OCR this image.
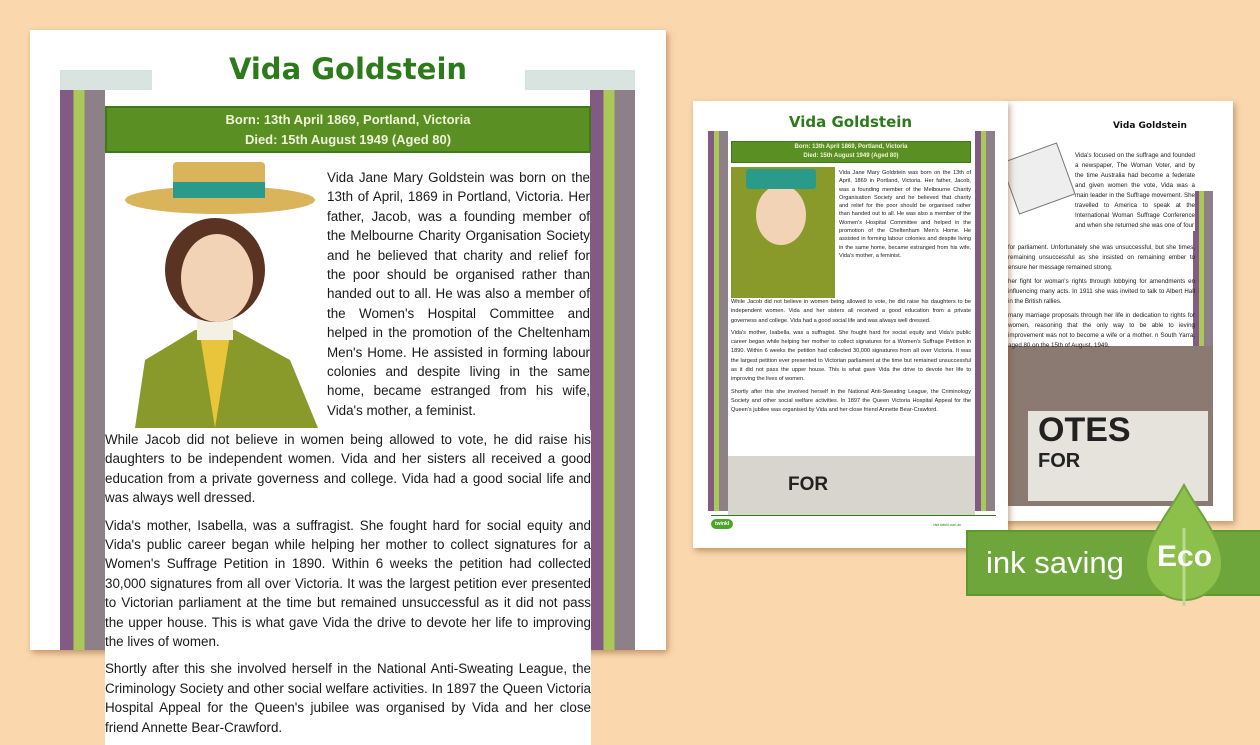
Vida Goldstein
Born: 13th April 1869, Portland, Victoria
Died: 15th August 1949 (Aged 80)
Vida Jane Mary Goldstein was born on the 13th of April, 1869 in Portland, Victoria. Her father, Jacob, was a founding member of the Melbourne Charity Organisation Society and he believed that charity and relief for the poor should be organised rather than handed out to all. He was also a member of the Women's Hospital Committee and helped in the promotion of the Cheltenham Men's Home. He assisted in forming labour colonies and despite living in the same home, became estranged from his wife, Vida's mother, a feminist.

While Jacob did not believe in women being allowed to vote, he did raise his daughters to be independent women. Vida and her sisters all received a good education from a private governess and college. Vida had a good social life and was always well dressed.

Vida's mother, Isabella, was a suffragist. She fought hard for social equity and Vida's public career began while helping her mother to collect signatures for a Women's Suffrage Petition in 1890. Within 6 weeks the petition had collected 30,000 signatures from all over Victoria. It was the largest petition ever presented to Victorian parliament at the time but remained unsuccessful as it did not pass the upper house. This is what gave Vida the drive to devote her life to improving the lives of women.

Shortly after this she involved herself in the National Anti-Sweating League, the Criminology Society and other social welfare activities. In 1897 the Queen Victoria Hospital Appeal for the Queen's jubilee was organised by Vida and her close friend Annette Bear-Crawford.

OTES
FOR
Vida Goldstein
Vida's focused on the suffrage and founded a newspaper, The Woman Voter, and by the time Australia had become a federate and given women the vote, Vida was a main leader in the Suffrage movement. She travelled to America to speak at the International Woman Suffrage Conference and when she returned she was one of four

for parliament. Unfortunately she was unsuccessful, but she times, remaining unsuccessful as she insisted on remaining ember to ensure her message remained strong.

her fight for woman's rights through lobbying for amendments en influencing many acts. In 1911 she was invited to talk to Albert Hall in the British rallies.

many marriage proposals through her life in dedication to rights for women, reasoning that the only way to be able to ieving improvement was not to become a wife or a mother. n South Yarra, aged 80 on the 15th of August, 1949.

FOR
Vida Goldstein
Born: 13th April 1869, Portland, Victoria
Died: 15th August 1949 (Aged 80)
Vida Jane Mary Goldstein was born on the 13th of April, 1869 in Portland, Victoria. Her father, Jacob, was a founding member of the Melbourne Charity Organisation Society and he believed that charity and relief for the poor should be organised rather than handed out to all. He was also a member of the Women's Hospital Committee and helped in the promotion of the Cheltenham Men's Home. He assisted in forming labour colonies and despite living in the same home, became estranged from his wife, Vida's mother, a feminist.

While Jacob did not believe in women being allowed to vote, he did raise his daughters to be independent women. Vida and her sisters all received a good education from a private governess and college. Vida had a good social life and was always well dressed.

Vida's mother, Isabella, was a suffragist. She fought hard for social equity and Vida's public career began while helping her mother to collect signatures for a Women's Suffrage Petition in 1890. Within 6 weeks the petition had collected 30,000 signatures from all over Victoria. It was the largest petition ever presented to Victorian parliament at the time but remained unsuccessful as it did not pass the upper house. This is what gave Vida the drive to devote her life to improving the lives of women.

Shortly after this she involved herself in the National Anti-Sweating League, the Criminology Society and other social welfare activities. In 1897 the Queen Victoria Hospital Appeal for the Queen's jubilee was organised by Vida and her close friend Annette Bear-Crawford.

twinkl	visit twinkl.com.au
ink saving Eco
